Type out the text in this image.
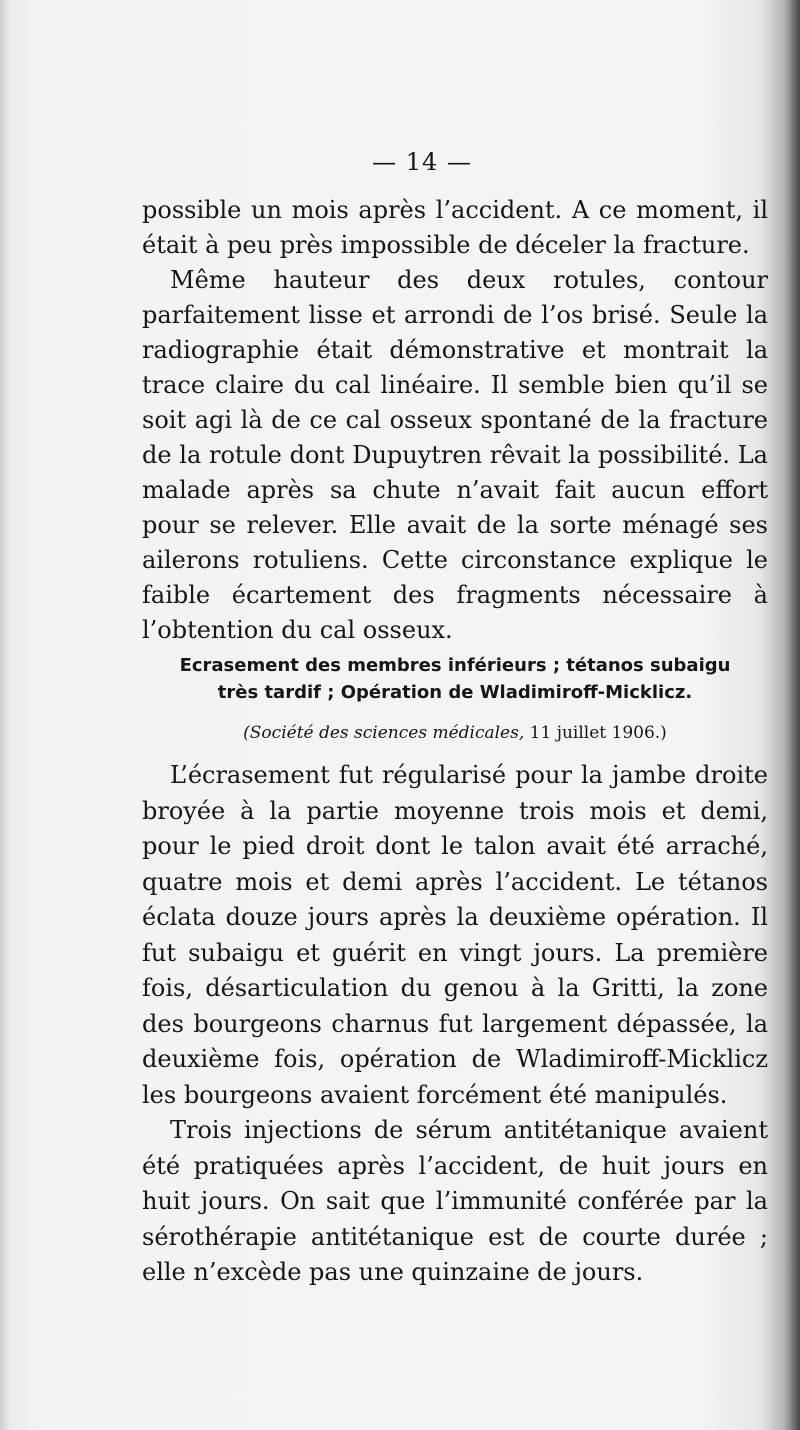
— 14 —

possible un mois après l’accident. A ce moment, il était à peu près impossible de déceler la fracture.

Même hauteur des deux rotules, contour parfaitement lisse et arrondi de l’os brisé. Seule la radiographie était démonstrative et montrait la trace claire du cal linéaire. Il semble bien qu’il se soit agi là de ce cal osseux spontané de la fracture de la rotule dont Dupuytren rêvait la possibilité. La malade après sa chute n’avait fait aucun effort pour se relever. Elle avait de la sorte ménagé ses ailerons rotuliens. Cette circonstance explique le faible écartement des fragments nécessaire à l’obtention du cal osseux.

Ecrasement des membres inférieurs ; tétanos subaigu
très tardif ; Opération de Wladimiroff-Micklicz.
(Société des sciences médicales, 11 juillet 1906.)

L’écrasement fut régularisé pour la jambe droite broyée à la partie moyenne trois mois et demi, pour le pied droit dont le talon avait été arraché, quatre mois et demi après l’accident. Le tétanos éclata douze jours après la deuxième opération. Il fut subaigu et guérit en vingt jours. La première fois, désarticulation du genou à la Gritti, la zone des bourgeons charnus fut largement dépassée, la deuxième fois, opération de Wladimiroff-Micklicz les bourgeons avaient forcément été manipulés.

Trois injections de sérum antitétanique avaient été pratiquées après l’accident, de huit jours en huit jours. On sait que l’immunité conférée par la sérothérapie antitétanique est de courte durée ; elle n’excède pas une quinzaine de jours.
